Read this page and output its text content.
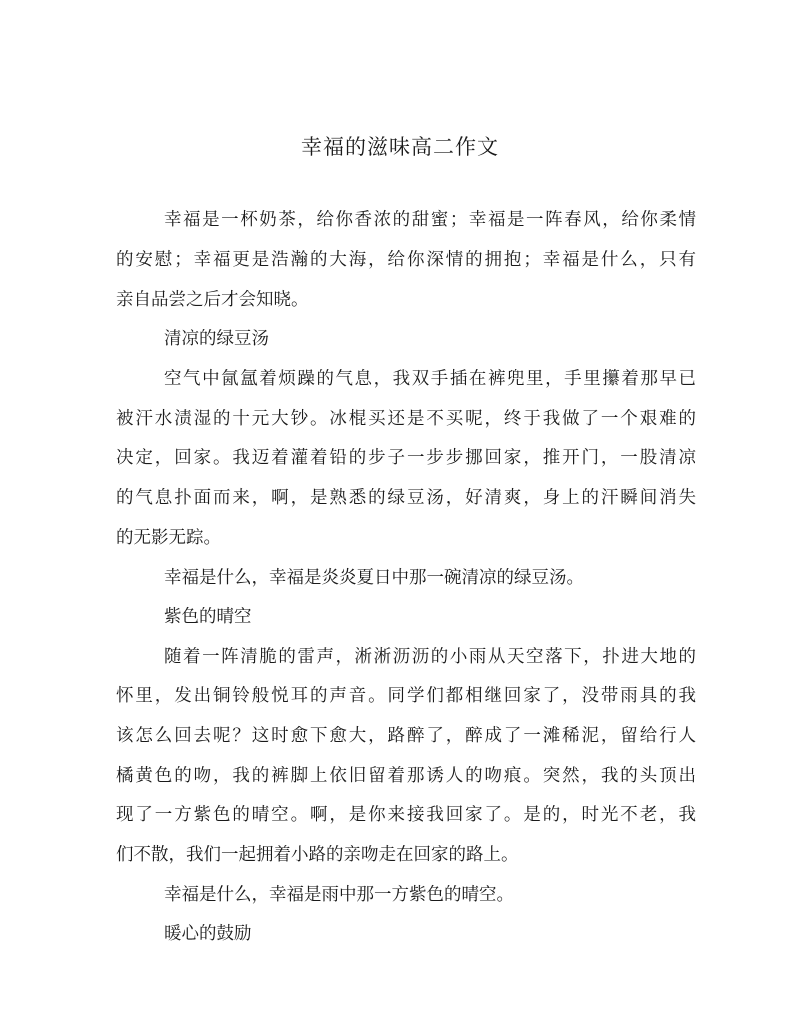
幸福的滋味高二作文
幸福是一杯奶茶，给你香浓的甜蜜；幸福是一阵春风，给你柔情
的安慰；幸福更是浩瀚的大海，给你深情的拥抱；幸福是什么，只有
亲自品尝之后才会知晓。
清凉的绿豆汤
空气中氤氲着烦躁的气息，我双手插在裤兜里，手里攥着那早已
被汗水渍湿的十元大钞。冰棍买还是不买呢，终于我做了一个艰难的
决定，回家。我迈着灌着铅的步子一步步挪回家，推开门，一股清凉
的气息扑面而来，啊，是熟悉的绿豆汤，好清爽，身上的汗瞬间消失
的无影无踪。
幸福是什么，幸福是炎炎夏日中那一碗清凉的绿豆汤。
紫色的晴空
随着一阵清脆的雷声，淅淅沥沥的小雨从天空落下，扑进大地的
怀里，发出铜铃般悦耳的声音。同学们都相继回家了，没带雨具的我
该怎么回去呢？这时愈下愈大，路醉了，醉成了一滩稀泥，留给行人
橘黄色的吻，我的裤脚上依旧留着那诱人的吻痕。突然，我的头顶出
现了一方紫色的晴空。啊，是你来接我回家了。是的，时光不老，我
们不散，我们一起拥着小路的亲吻走在回家的路上。
幸福是什么，幸福是雨中那一方紫色的晴空。
暖心的鼓励
